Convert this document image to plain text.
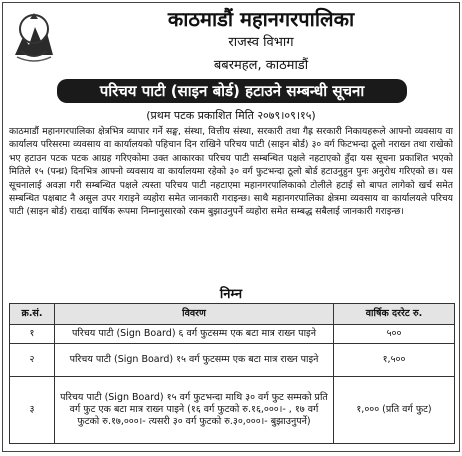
काठमाडौं महानगरपालिका
राजस्व विभाग
बबरमहल, काठमाडौं
परिचय पाटी (साइन बोर्ड) हटाउने सम्बन्धी सूचना
(प्रथम पटक प्रकाशित मिति २०७९।०९।१५)
काठमाडौं महानगरपालिका क्षेत्रभित्र व्यापार गर्ने सङ्घ, संस्था, वित्तीय संस्था, सरकारी तथा गैह्र सरकारी निकायहरूले आफ्नो व्यवसाय वा कार्यालय परिसरमा व्यवसाय वा कार्यालयको पहिचान दिन राखिने परिचय पाटी (साइन बोर्ड) ३० वर्ग फिटभन्दा ठूलो नराख्न तथा राखेको भए हटाउन पटक पटक आग्रह गरिएकोमा उक्त आकारका परिचय पाटी सम्बन्धित पक्षले नहटाएको हुँदा यस सूचना प्रकाशित भएको मितिले १५ (पन्ध्र) दिनभित्र आफ्नो व्यवसाय वा कार्यालयमा रहेको ३० वर्ग फुटभन्दा ठूलो बोर्ड हटाउनुहुन पुनः अनुरोध गरिएको छ। यस सूचनालाई अवज्ञा गरी सम्बन्धित पक्षले त्यस्ता परिचय पाटी नहटाएमा महानगरपालिकाको टोलीले हटाई सो बापत लागेको खर्च समेत सम्बन्धित पक्षबाट नै असुल उपर गराइने व्यहोरा समेत जानकारी गराइन्छ। साथै महानगरपालिका क्षेत्रमा व्यवसाय वा कार्यालयले परिचय पाटी (साइन बोर्ड) राख्दा वार्षिक रूपमा निम्नानुसारको रकम बुझाउनुपर्ने व्यहोरा समेत सम्बद्ध सबैलाई जानकारी गराइन्छ।
निम्न
क्र.सं.	विवरण	वार्षिक दररेट रु.
१	परिचय पाटी (Sign Board) ६ वर्ग फुटसम्म एक बटा मात्र राख्न पाइने	५००
२	परिचय पाटी (Sign Board) १५ वर्ग फुटसम्म एक बटा मात्र राख्न पाइने	१,५००
३	परिचय पाटी (Sign Board) १५ वर्ग फुटभन्दा माथि ३० वर्ग फुट सम्मको प्रति वर्ग फुट एक बटा मात्र राख्न पाइने (१६ वर्ग फुटको रु.१६,०००।- , १७ वर्ग फुटको रु.१७,०००।- त्यसरी ३० वर्ग फुटको रु.३०,०००।- बुझाउनुपर्ने)	१,००० (प्रति वर्ग फुट)
